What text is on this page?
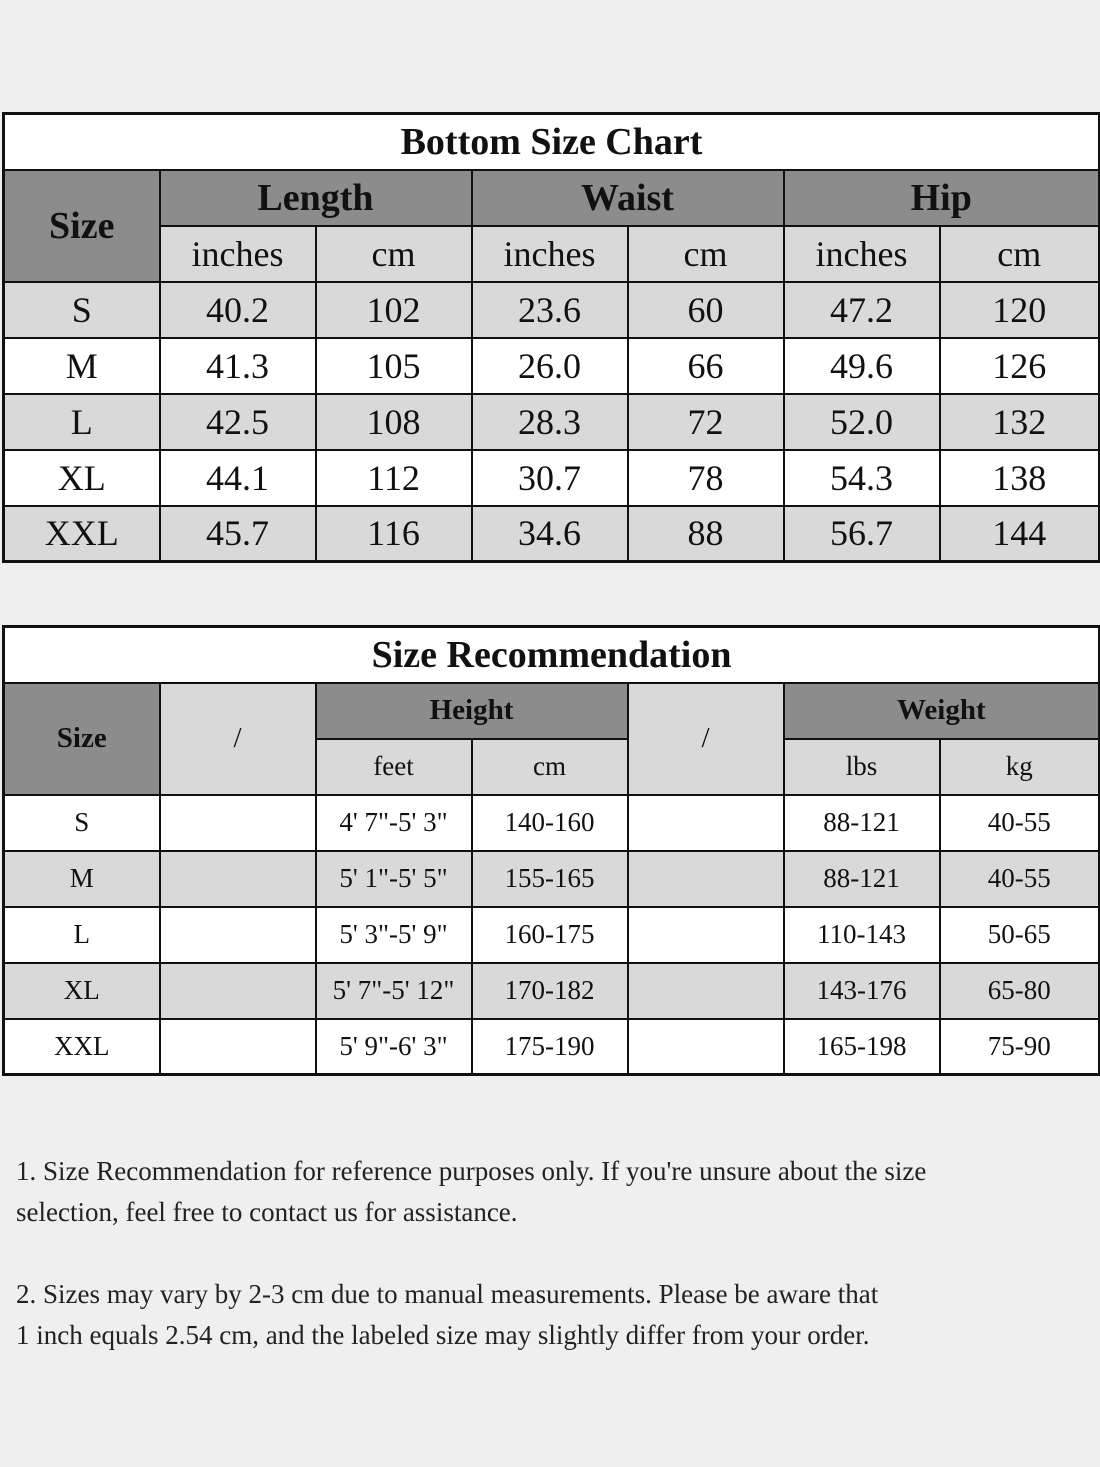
Bottom Size Chart						
Size	Length		Waist		Hip	
	inches	cm	inches	cm	inches	cm
S	40.2	102	23.6	60	47.2	120
M	41.3	105	26.0	66	49.6	126
L	42.5	108	28.3	72	52.0	132
XL	44.1	112	30.7	78	54.3	138
XXL	45.7	116	34.6	88	56.7	144
Size Recommendation						
Size	/	Height		/	Weight	
		feet	cm		lbs	kg
S		4' 7"-5' 3"	140-160		88-121	40-55
M		5' 1"-5' 5"	155-165		88-121	40-55
L		5' 3"-5' 9"	160-175		110-143	50-65
XL		5' 7"-5' 12"	170-182		143-176	65-80
XXL		5' 9"-6' 3"	175-190		165-198	75-90

1. Size Recommendation for reference purposes only. If you're unsure about the size

selection, feel free to contact us for assistance.

2. Sizes may vary by 2-3 cm due to manual measurements. Please be aware that

1 inch equals 2.54 cm, and the labeled size may slightly differ from your order.
